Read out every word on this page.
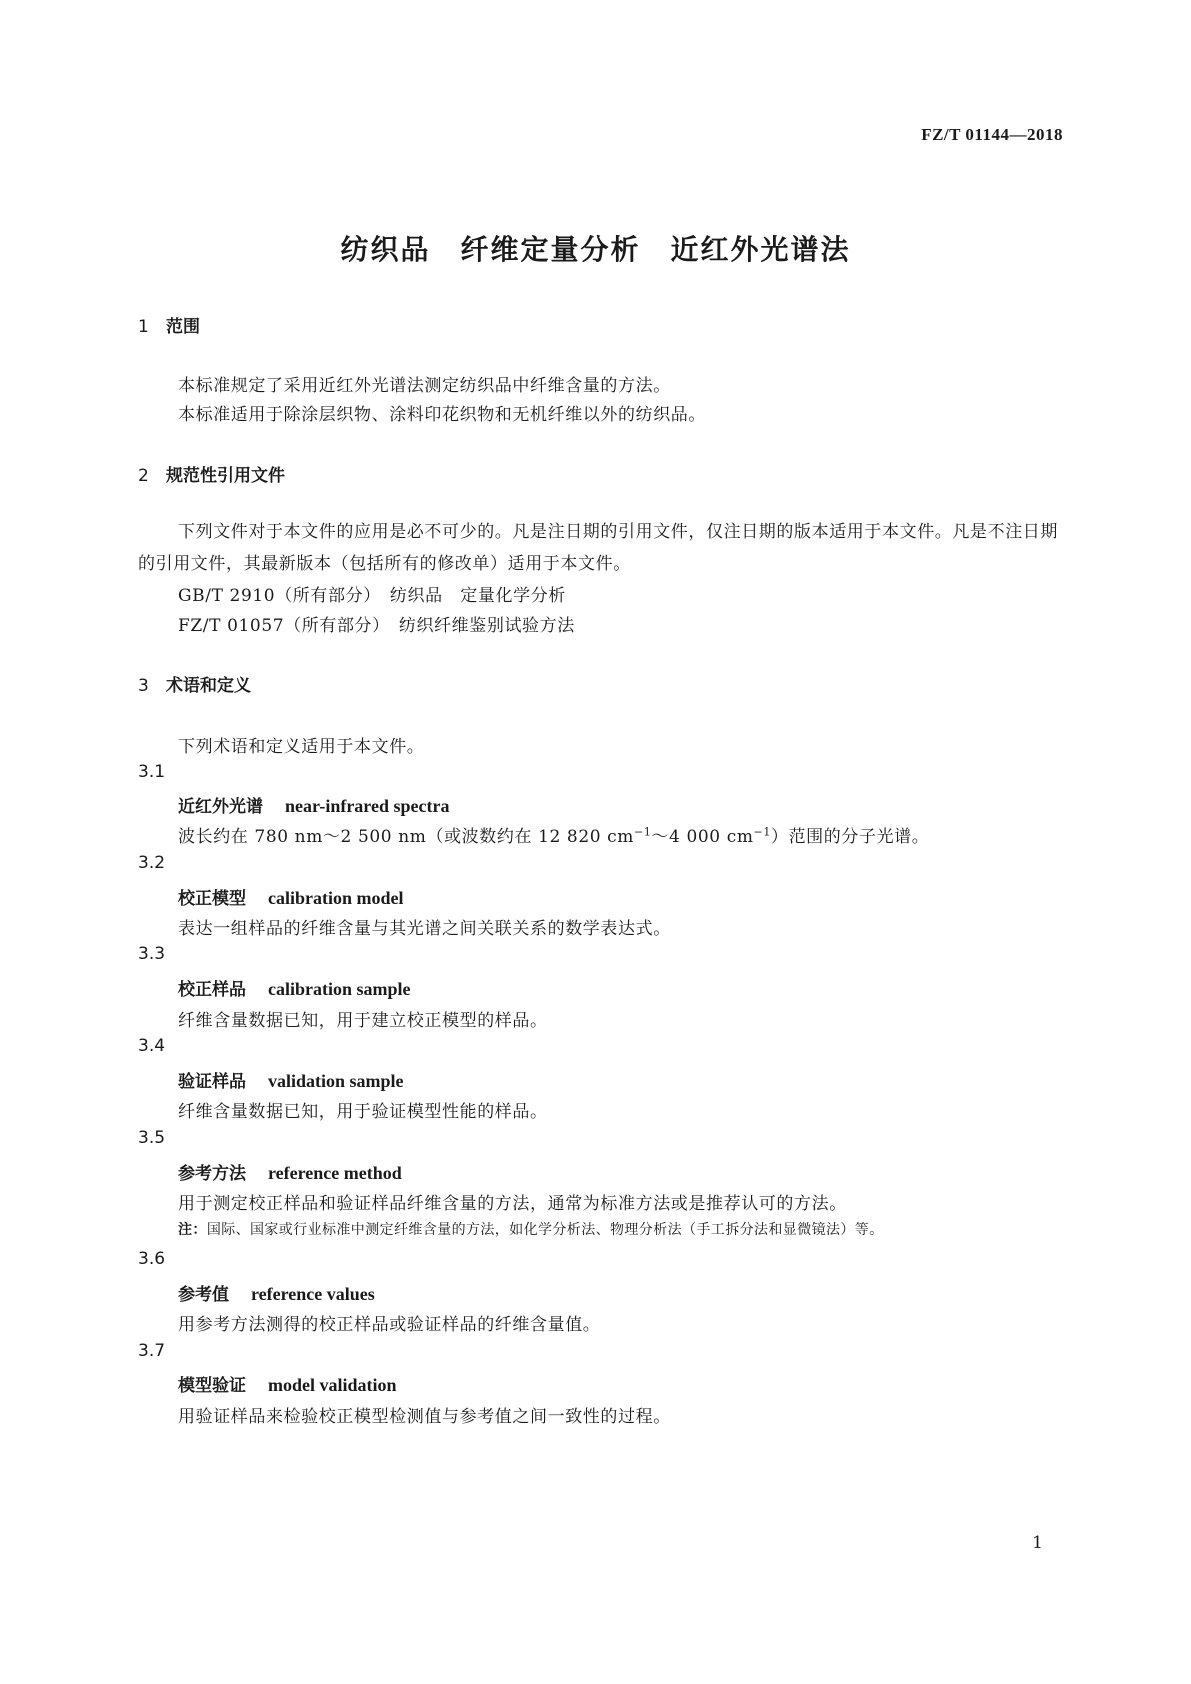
FZ/T 01144—2018
纺织品　纤维定量分析　近红外光谱法
1 范围
本标准规定了采用近红外光谱法测定纺织品中纤维含量的方法。
本标准适用于除涂层织物、涂料印花织物和无机纤维以外的纺织品。
2 规范性引用文件
下列文件对于本文件的应用是必不可少的。凡是注日期的引用文件，仅注日期的版本适用于本文件。凡是不注日期的引用文件，其最新版本（包括所有的修改单）适用于本文件。
GB/T 2910（所有部分）　纺织品　定量化学分析
FZ/T 01057（所有部分）　纺织纤维鉴别试验方法
3 术语和定义
下列术语和定义适用于本文件。
3.1
近红外光谱 near-infrared spectra
波长约在 780 nm～2 500 nm（或波数约在 12 820 $cm^{-1}\sim 4$ 000 $cm^{-1}$）范围的分子光谱。
3.2
校正模型 calibration model
表达一组样品的纤维含量与其光谱之间关联关系的数学表达式。
3.3
校正样品 calibration sample
纤维含量数据已知，用于建立校正模型的样品。
3.4
验证样品 validation sample
纤维含量数据已知，用于验证模型性能的样品。
3.5
参考方法 reference method
用于测定校正样品和验证样品纤维含量的方法，通常为标准方法或是推荐认可的方法。
注：国际、国家或行业标准中测定纤维含量的方法，如化学分析法、物理分析法（手工拆分法和显微镜法）等。
3.6
参考值 reference values
用参考方法测得的校正样品或验证样品的纤维含量值。
3.7
模型验证 model validation
用验证样品来检验校正模型检测值与参考值之间一致性的过程。
1
